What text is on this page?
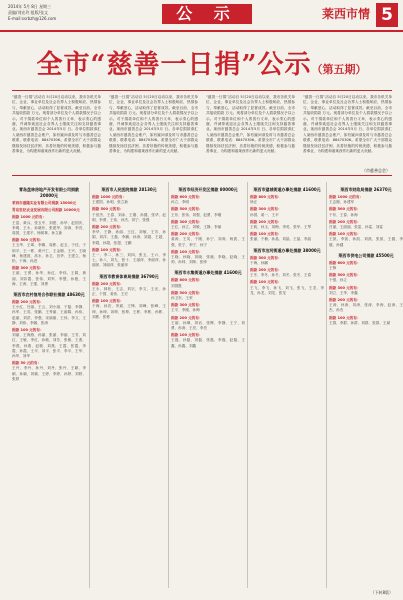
2014年 5月 8日 星期三
责编/刘宏玲 组版/张文
E-mail:ssrbzh@126.com	公 示	莱西市情 5
全市“慈善一日捐”公示（第五期）
“慈善一日捐”活动自 5月20日启动以来，我市各机关单位、企业、事业单位及社会各界人士积极响应，热情参与，奉献爱心，活动取得了显著成效。截至目前，全市共接收捐款 万元。现将部分单位及个人捐款情况予以公示。对于捐款单位和个人的善行义举，表示衷心的感谢，并诚挚欢迎社会各界人士继续关注和支持慈善事业。莱西市慈善总会 2014年5月 日。各单位捐款请汇入莱西市慈善总会账户，如有疑问请及时与市慈善总会联系，联系电话：88470306。希望全市广大干部群众继续发扬扶贫济困、乐善好施的传统美德，积极参与慈善事业，为构建和谐莱西作出新的更大贡献。
“慈善一日捐”活动自 5月20日启动以来，我市各机关单位、企业、事业单位及社会各界人士积极响应，热情参与，奉献爱心，活动取得了显著成效。截至目前，全市共接收捐款 万元。现将部分单位及个人捐款情况予以公示。对于捐款单位和个人的善行义举，表示衷心的感谢，并诚挚欢迎社会各界人士继续关注和支持慈善事业。莱西市慈善总会 2014年5月 日。各单位捐款请汇入莱西市慈善总会账户，如有疑问请及时与市慈善总会联系，联系电话：88470306。希望全市广大干部群众继续发扬扶贫济困、乐善好施的传统美德，积极参与慈善事业，为构建和谐莱西作出新的更大贡献。
“慈善一日捐”活动自 5月20日启动以来，我市各机关单位、企业、事业单位及社会各界人士积极响应，热情参与，奉献爱心，活动取得了显著成效。截至目前，全市共接收捐款 万元。现将部分单位及个人捐款情况予以公示。对于捐款单位和个人的善行义举，表示衷心的感谢，并诚挚欢迎社会各界人士继续关注和支持慈善事业。莱西市慈善总会 2014年5月 日。各单位捐款请汇入莱西市慈善总会账户，如有疑问请及时与市慈善总会联系，联系电话：88470306。希望全市广大干部群众继续发扬扶贫济困、乐善好施的传统美德，积极参与慈善事业，为构建和谐莱西作出新的更大贡献。
“慈善一日捐”活动自 5月20日启动以来，我市各机关单位、企业、事业单位及社会各界人士积极响应，热情参与，奉献爱心，活动取得了显著成效。截至目前，全市共接收捐款 万元。现将部分单位及个人捐款情况予以公示。对于捐款单位和个人的善行义举，表示衷心的感谢，并诚挚欢迎社会各界人士继续关注和支持慈善事业。莱西市慈善总会 2014年5月 日。各单位捐款请汇入莱西市慈善总会账户，如有疑问请及时与市慈善总会联系，联系电话：88470306。希望全市广大干部群众继续发扬扶贫济困、乐善好施的传统美德，积极参与慈善事业，为构建和谐莱西作出新的更大贡献。
（市慈善总会）
青岛盘林房地产开发有限公司捐款 20000元
莱西市盛隆实业有限公司捐款 15000元
青岛世纪农业发展有限公司捐款 10000元
捐款 1000 元的有：
王富、黄兵、张玉中、刘建、孙华、赵国庆、李明、王永、孙晓东、张建华、刘涛、李亮、周国、王建平、杨树林、孙立新
捐款 500 元的有：
王玉华、王翠、李娜、周彬、赵玉、于佳、于和平、王一彬、黄兴仁、王金刚、王兴、王晓峰、杨建波、高永、孙卫、宫华、王建立、杨松、于海、孙进
捐款 300 元的有：
王丽、王勇、孙华、孙红、李伟、王娟、黄丽、刘彩霞、张伟、刘军、李慧、孙艳、王海、王涛、王强、刘勇
莱西市农村信用合作联社捐款 48630元
捐款 200 元的有：
王小红、吕丽、王云、刘小丽、于磊、李静、孙军、王英、张鹏、王秀丽、王丽娟、孙伟、赵丽、刘洪、李强、宋丽丽、王伟、李文、王静、刘伟、李娜、张涛
捐款 100 元的有：
刘丽、王海燕、孙丽、张丽、李丽、王芳、刘红、王敏、李红、孙敏、刘芳、张敏、王燕、李燕、孙燕、赵敏、刘燕、王霞、张霞、李霞、孙霞、王平、刘平、张平、李平、王华、孙华、刘华
捐款 50 元的有：
王丹、李丹、孙丹、刘丹、张丹、王颖、李颖、孙颖、刘颖、王婷、李婷、孙婷、刘婷、张婷
莱西市人民医院捐款 28130元
捐款 1000 元的有：
王建国、孙明、张立新
捐款 500 元的有：
于世杰、王春、刘冰、王刚、孙健、张华、赵明、李勇、王伟、孙杰、刘宁、张强
捐款 200 元的有：
李华、王静、孙丽、王红、刘敏、王芳、孙娟、刘洋、王磊、李鹏、孙涛、刘超、王超、李超、孙超、张超、王鹏
捐款 100 元的有：
王一、李二、孙三、刘四、张五、王六、李七、孙八、刘九、张十、王丽萍、李丽萍、孙丽萍、刘丽萍、张丽萍
莱西市教育体育局捐款 36790元
捐款 200 元的有：
王永、林松、王志、刘宗、李文、王光、孙正、于国、姜伟、王宏
捐款 100 元的有：
于海、孙亮、李斌、王锋、刘峰、张峰、王坤、孙坤、刘坤、张坤、王彬、李彬、孙彬、刘彬、张彬
莱西市经济开发区捐款 80000元
捐款 600 元的有：
孙立、李明
捐款 500 元的有：
王东、张伟、刘强、赵勇、李刚
捐款 300 元的有：
王红、孙立、刘敏、王静、李丽
捐款 200 元的有：
姜涛、王英、于刚、孙宁、刘涛、杨波、王强、张宁、李宁、孙宁
捐款 100 元的有：
王晓、孙晓、刘晓、张晓、李晓、赵晓、王帅、孙帅、刘帅、张帅
莱西市水集街道办事处捐款 41600元
捐款 800 元的有：
刘国胜
捐款 500 元的有：
孙卫东、王荣
捐款 300 元的有：
王平、李刚、孙梅
捐款 200 元的有：
王丽、孙琳、刘岩、张辉、李静、王宁、刘勇、孙涛、王亮、李亮
捐款 100 元的有：
王磊、孙磊、刘磊、张磊、李磊、赵磊、王鑫、孙鑫、刘鑫
莱西市望城街道办事处捐款 41600元
捐款 800 元的有：
徐正
捐款 300 元的有：
孙国、姜一、王平
捐款 200 元的有：
王莉、孙玉、刘梅、李英、张华、王琴
捐款 100 元的有：
张丽、于楠、孙晶、刘晶、王晶、李晶
莱西市沽河街道办事处捐款 38000元
捐款 500 元的有：
于海、孙鹏
捐款 200 元的有：
王冬、李冬、孙冬、刘冬、张冬、王春
捐款 100 元的有：
王飞、李飞、孙飞、刘飞、张飞、王龙、李龙、孙龙、刘龙、张龙
莱西市财政局捐款 26370元
捐款 1000 元的有：
王志刚、孙建军
捐款 500 元的有：
于东、王春、孙海
捐款 200 元的有：
吕丽、王丽丽、张雷、孙雷、刘雷
捐款 100 元的有：
王凯、李凯、孙凯、刘凯、张凯、王健、李健、孙健
莱西市供电公司捐款 45500元
捐款 600 元的有：
王锋
捐款 500 元的有：
于强、孙立
捐款 300 元的有：
刘立、王华、李鑫
捐款 200 元的有：
王涛、孙涛、刘涛、张涛、李涛、赵涛、王杰、孙杰
捐款 100 元的有：
王群、李群、孙群、刘群、张群、王斌
（下转8版）
